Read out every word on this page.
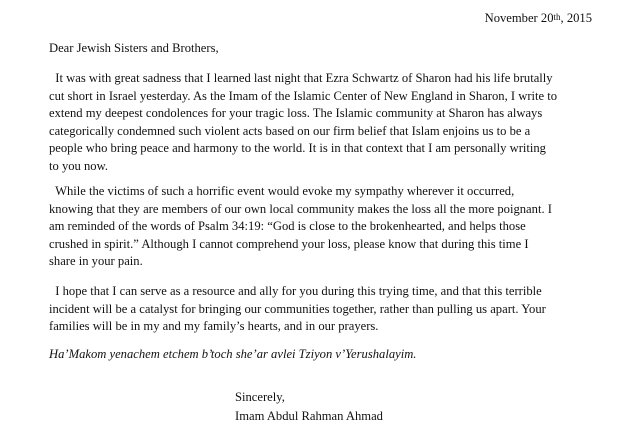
November 20th, 2015
Dear Jewish Sisters and Brothers,

It was with great sadness that I learned last night that Ezra Schwartz of Sharon had his life brutally
cut short in Israel yesterday. As the Imam of the Islamic Center of New England in Sharon, I write to
extend my deepest condolences for your tragic loss. The Islamic community at Sharon has always
categorically condemned such violent acts based on our firm belief that Islam enjoins us to be a
people who bring peace and harmony to the world. It is in that context that I am personally writing
to you now.

While the victims of such a horrific event would evoke my sympathy wherever it occurred,
knowing that they are members of our own local community makes the loss all the more poignant. I
am reminded of the words of Psalm 34:19: “God is close to the brokenhearted, and helps those
crushed in spirit.” Although I cannot comprehend your loss, please know that during this time I
share in your pain.

I hope that I can serve as a resource and ally for you during this trying time, and that this terrible
incident will be a catalyst for bringing our communities together, rather than pulling us apart. Your
families will be in my and my family’s hearts, and in our prayers.

Ha’Makom yenachem etchem b’toch she’ar avlei Tziyon v’Yerushalayim.
Sincerely,
Imam Abdul Rahman Ahmad
